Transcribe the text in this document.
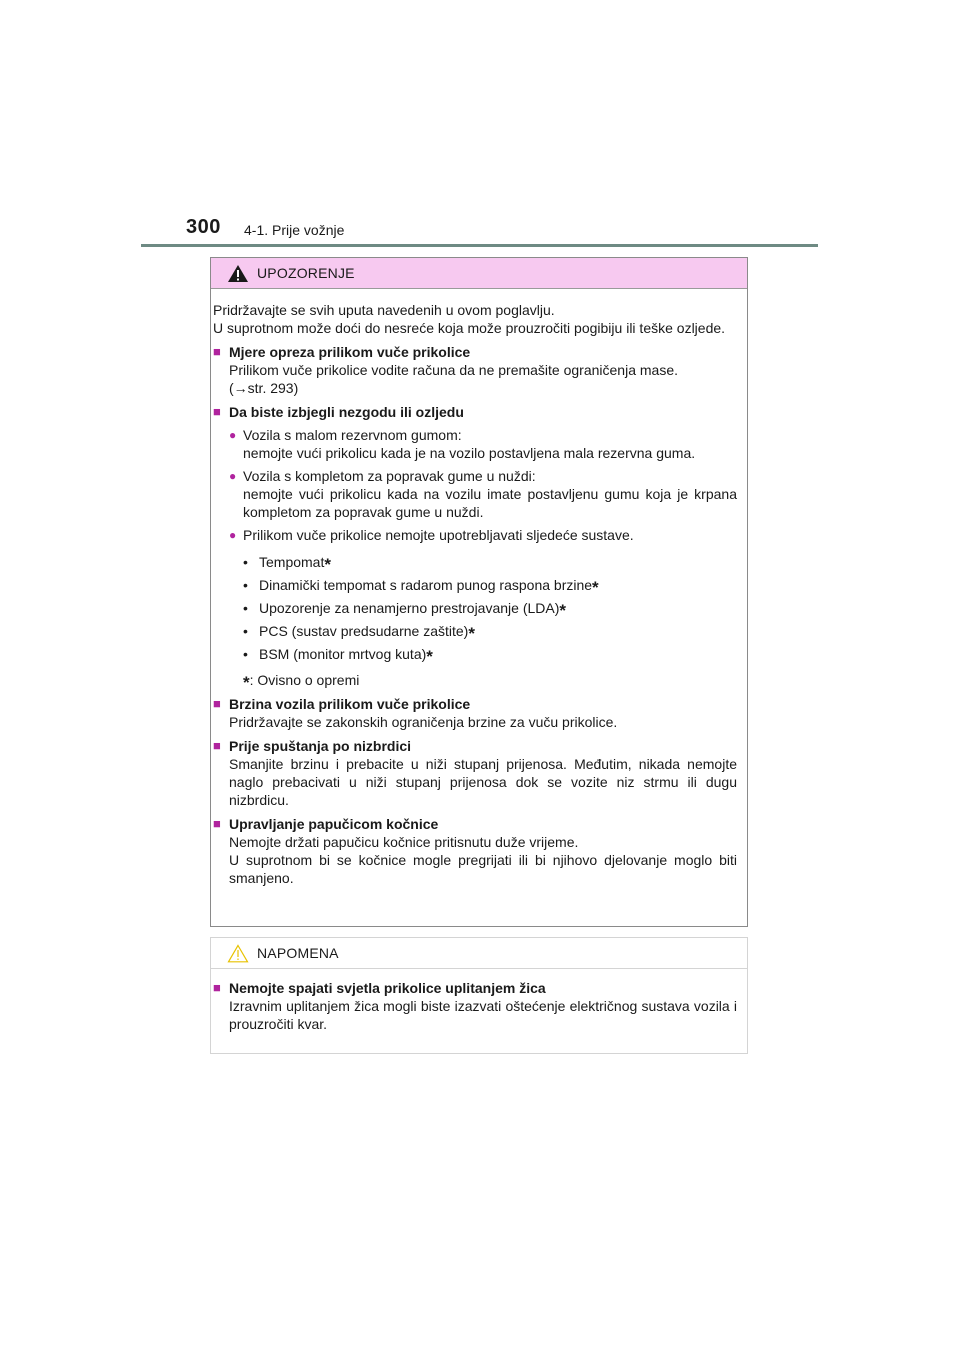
300 4-1. Prije vožnje
UPOZORENJE

Pridržavajte se svih uputa navedenih u ovom poglavlju.

U suprotnom može doći do nesreće koja može prouzročiti pogibiju ili teške ozljede.

■ Mjere opreza prilikom vuče prikolice

Prilikom vuče prikolice vodite računa da ne premašite ograničenja mase.

(→str. 293)

■ Da biste izbjegli nezgodu ili ozljedu
● Vozila s malom rezervnom gumom:

nemojte vući prikolicu kada je na vozilo postavljena mala rezervna guma.

● Vozila s kompletom za popravak gume u nuždi:

nemojte vući prikolicu kada na vozilu imate postavljenu gumu koja je krpana kompletom za popravak gume u nuždi.

● Prilikom vuče prikolice nemojte upotrebljavati sljedeće sustave.

• Tempomat *
• Dinamički tempomat s radarom punog raspona brzine *
• Upozorenje za nenamjerno prestrojavanje (LDA) *
• PCS (sustav predsudarne zaštite) *
• BSM (monitor mrtvog kuta) *
* : Ovisno o opremi
■ Brzina vozila prilikom vuče prikolice

Pridržavajte se zakonskih ograničenja brzine za vuču prikolice.

■ Prije spuštanja po nizbrdici

Smanjite brzinu i prebacite u niži stupanj prijenosa. Međutim, nikada nemojte naglo prebacivati u niži stupanj prijenosa dok se vozite niz strmu ili dugu nizbrdicu.

■ Upravljanje papučicom kočnice

Nemojte držati papučicu kočnice pritisnutu duže vrijeme.

U suprotnom bi se kočnice mogle pregrijati ili bi njihovo djelovanje moglo biti smanjeno.

NAPOMENA
■ Nemojte spajati svjetla prikolice uplitanjem žica

Izravnim uplitanjem žica mogli biste izazvati oštećenje električnog sustava vozila i prouzročiti kvar.
